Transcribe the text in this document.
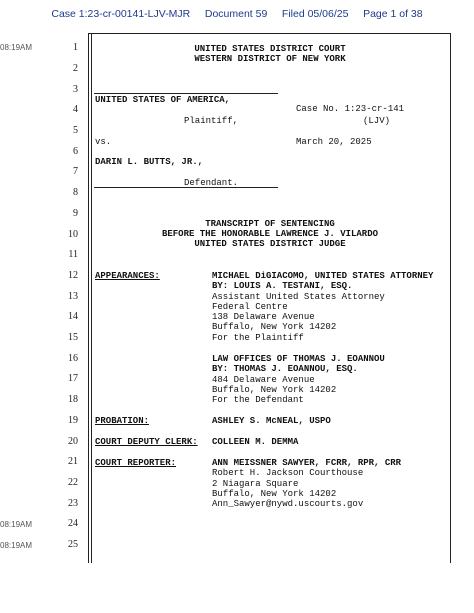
Case 1:23-cr-00141-LJV-MJR Document 59 Filed 05/06/25 Page 1 of 38
08:19AM
08:19AM
08:19AM
1
2
3
4
5
6
7
8
9
10
11
12
13
14
15
16
17
18
19
20
21
22
23
24
25
UNITED STATES DISTRICT COURT
WESTERN DISTRICT OF NEW YORK
UNITED STATES OF AMERICA,
Case No. 1:23-cr-141
Plaintiff,	(LJV)
vs.	March 20, 2025
DARIN L. BUTTS, JR.,
Defendant.
TRANSCRIPT OF SENTENCING
BEFORE THE HONORABLE LAWRENCE J. VILARDO
UNITED STATES DISTRICT JUDGE
APPEARANCES:	MICHAEL DiGIACOMO, UNITED STATES ATTORNEY
BY: LOUIS A. TESTANI, ESQ.
Assistant United States Attorney
Federal Centre
138 Delaware Avenue
Buffalo, New York 14202
For the Plaintiff
LAW OFFICES OF THOMAS J. EOANNOU
BY: THOMAS J. EOANNOU, ESQ.
484 Delaware Avenue
Buffalo, New York 14202
For the Defendant
PROBATION:	ASHLEY S. McNEAL, USPO
COURT DEPUTY CLERK: COLLEEN M. DEMMA
COURT REPORTER:	ANN MEISSNER SAWYER, FCRR, RPR, CRR
Robert H. Jackson Courthouse
2 Niagara Square
Buffalo, New York 14202
Ann_Sawyer@nywd.uscourts.gov
